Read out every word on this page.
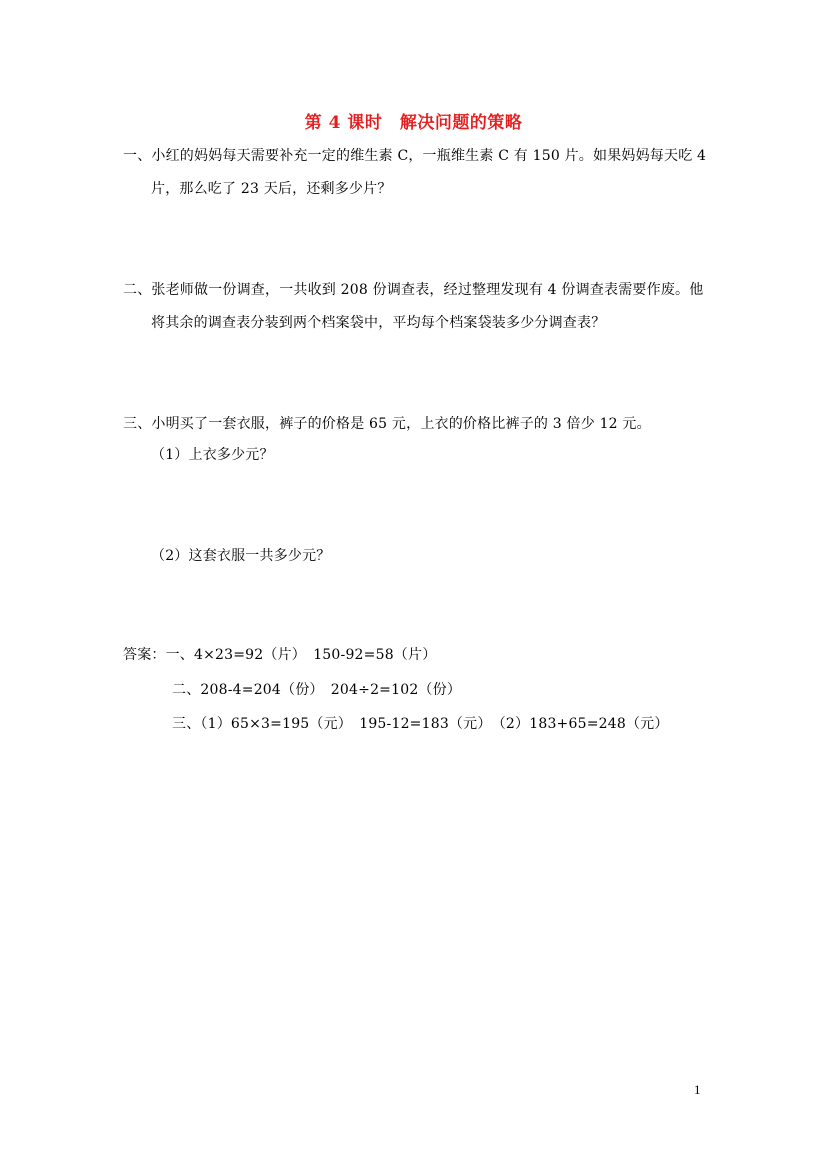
第 4 课时　解决问题的策略
一、小红的妈妈每天需要补充一定的维生素 C，一瓶维生素 C 有 150 片。如果妈妈每天吃 4
片，那么吃了 23 天后，还剩多少片？
二、张老师做一份调查，一共收到 208 份调查表，经过整理发现有 4 份调查表需要作废。他
将其余的调查表分装到两个档案袋中，平均每个档案袋装多少分调查表？
三、小明买了一套衣服，裤子的价格是 65 元，上衣的价格比裤子的 3 倍少 12 元。
（1）上衣多少元？
（2）这套衣服一共多少元？
答案：一、4×23=92（片）　150-92=58（片）
二、208-4=204（份）　204÷2=102（份）
三、（1）65×3=195（元）　195-12=183（元）　（2）183+65=248（元）
1
